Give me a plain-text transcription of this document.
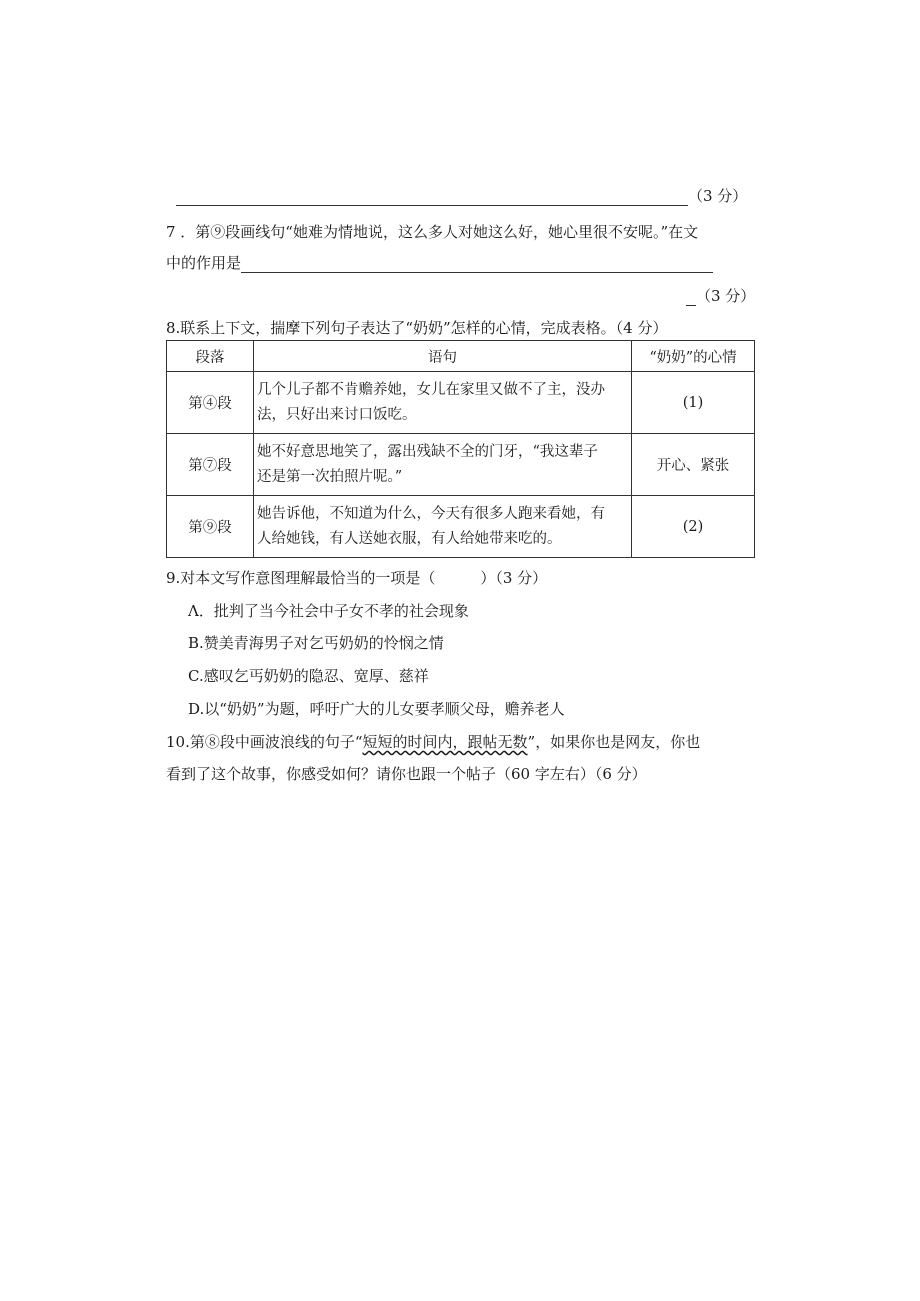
（3 分）
7 ．第⑨段画线句“她难为情地说，这么多人对她这么好，她心里很不安呢。”在文
中的作用是
（3 分）
8.联系上下文，揣摩下列句子表达了“奶奶”怎样的心情，完成表格。（4 分）
段落	语句	“奶奶”的心情
第④段	几个儿子都不肯赡养她，女儿在家里又做不了主，没办
法，只好出来讨口饭吃。	(1)
第⑦段	她不好意思地笑了，露出残缺不全的门牙，“我这辈子
还是第一次拍照片呢。”	开心、紧张
第⑨段	她告诉他，不知道为什么，今天有很多人跑来看她，有
人给她钱，有人送她衣服，有人给她带来吃的。	(2)
9.对本文写作意图理解最恰当的一项是（　　　）（3 分）
Λ．批判了当今社会中子女不孝的社会现象
B.赞美青海男子对乞丐奶奶的怜悯之情
C.感叹乞丐奶奶的隐忍、宽厚、慈祥
D.以“奶奶”为题，呼吁广大的儿女要孝顺父母，赡养老人
10.第⑧段中画波浪线的句子“短短的时间内，跟帖无数”，如果你也是网友，你也
看到了这个故事，你感受如何？请你也跟一个帖子（60 字左右）（6 分）
